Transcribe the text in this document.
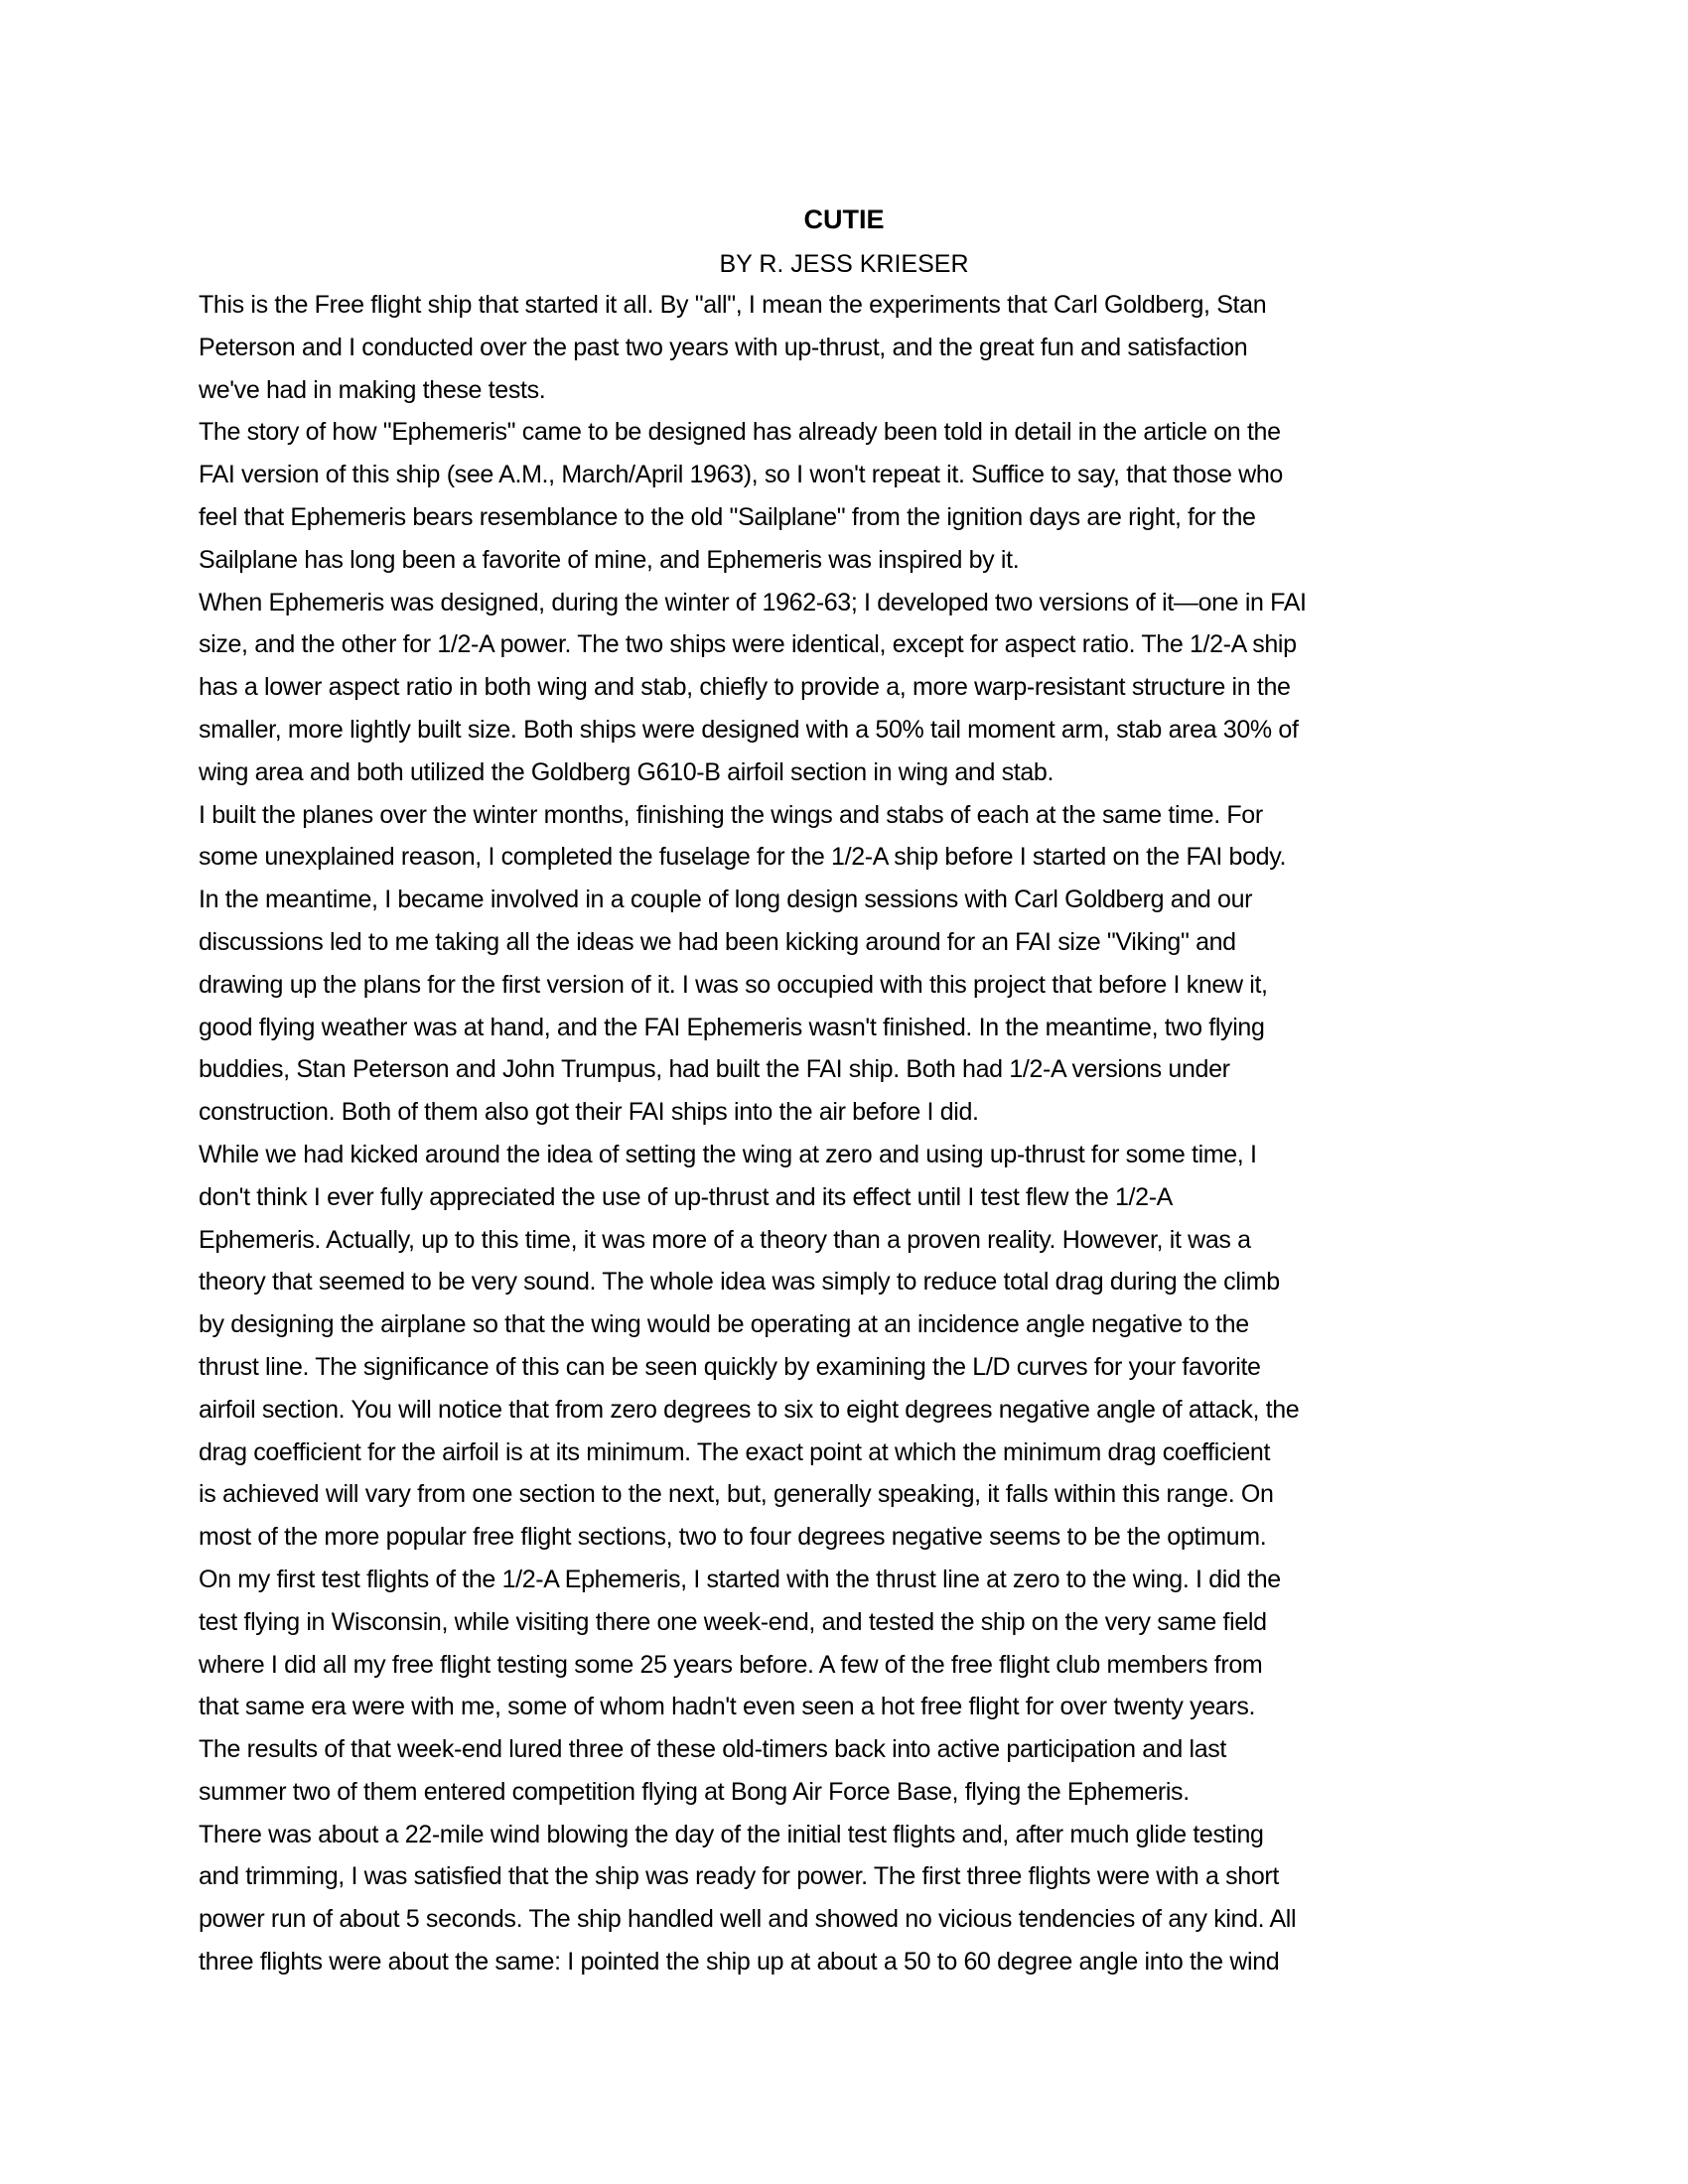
CUTIE
BY R. JESS KRIESER
This is the Free flight ship that started it all. By "all", I mean the experiments that Carl Goldberg, Stan
Peterson and I conducted over the past two years with up-thrust, and the great fun and satisfaction
we've had in making these tests.
The story of how "Ephemeris" came to be designed has already been told in detail in the article on the
FAI version of this ship (see A.M., March/April 1963), so I won't repeat it. Suffice to say, that those who
feel that Ephemeris bears resemblance to the old "Sailplane" from the ignition days are right, for the
Sailplane has long been a favorite of mine, and Ephemeris was inspired by it.
When Ephemeris was designed, during the winter of 1962-63; I developed two versions of it—one in FAI
size, and the other for 1/2-A power. The two ships were identical, except for aspect ratio. The 1/2-A ship
has a lower aspect ratio in both wing and stab, chiefly to provide a, more warp-resistant structure in the
smaller, more lightly built size. Both ships were designed with a 50% tail moment arm, stab area 30% of
wing area and both utilized the Goldberg G610-B airfoil section in wing and stab.
I built the planes over the winter months, finishing the wings and stabs of each at the same time. For
some unexplained reason, I completed the fuselage for the 1/2-A ship before I started on the FAI body.
In the meantime, I became involved in a couple of long design sessions with Carl Goldberg and our
discussions led to me taking all the ideas we had been kicking around for an FAI size "Viking" and
drawing up the plans for the first version of it. I was so occupied with this project that before I knew it,
good flying weather was at hand, and the FAI Ephemeris wasn't finished. In the meantime, two flying
buddies, Stan Peterson and John Trumpus, had built the FAI ship. Both had 1/2-A versions under
construction. Both of them also got their FAI ships into the air before I did.
While we had kicked around the idea of setting the wing at zero and using up-thrust for some time, I
don't think I ever fully appreciated the use of up-thrust and its effect until I test flew the 1/2-A
Ephemeris. Actually, up to this time, it was more of a theory than a proven reality. However, it was a
theory that seemed to be very sound. The whole idea was simply to reduce total drag during the climb
by designing the airplane so that the wing would be operating at an incidence angle negative to the
thrust line. The significance of this can be seen quickly by examining the L/D curves for your favorite
airfoil section. You will notice that from zero degrees to six to eight degrees negative angle of attack, the
drag coefficient for the airfoil is at its minimum. The exact point at which the minimum drag coefficient
is achieved will vary from one section to the next, but, generally speaking, it falls within this range. On
most of the more popular free flight sections, two to four degrees negative seems to be the optimum.
On my first test flights of the 1/2-A Ephemeris, I started with the thrust line at zero to the wing. I did the
test flying in Wisconsin, while visiting there one week-end, and tested the ship on the very same field
where I did all my free flight testing some 25 years before. A few of the free flight club members from
that same era were with me, some of whom hadn't even seen a hot free flight for over twenty years.
The results of that week-end lured three of these old-timers back into active participation and last
summer two of them entered competition flying at Bong Air Force Base, flying the Ephemeris.
There was about a 22-mile wind blowing the day of the initial test flights and, after much glide testing
and trimming, I was satisfied that the ship was ready for power. The first three flights were with a short
power run of about 5 seconds. The ship handled well and showed no vicious tendencies of any kind. All
three flights were about the same: I pointed the ship up at about a 50 to 60 degree angle into the wind
